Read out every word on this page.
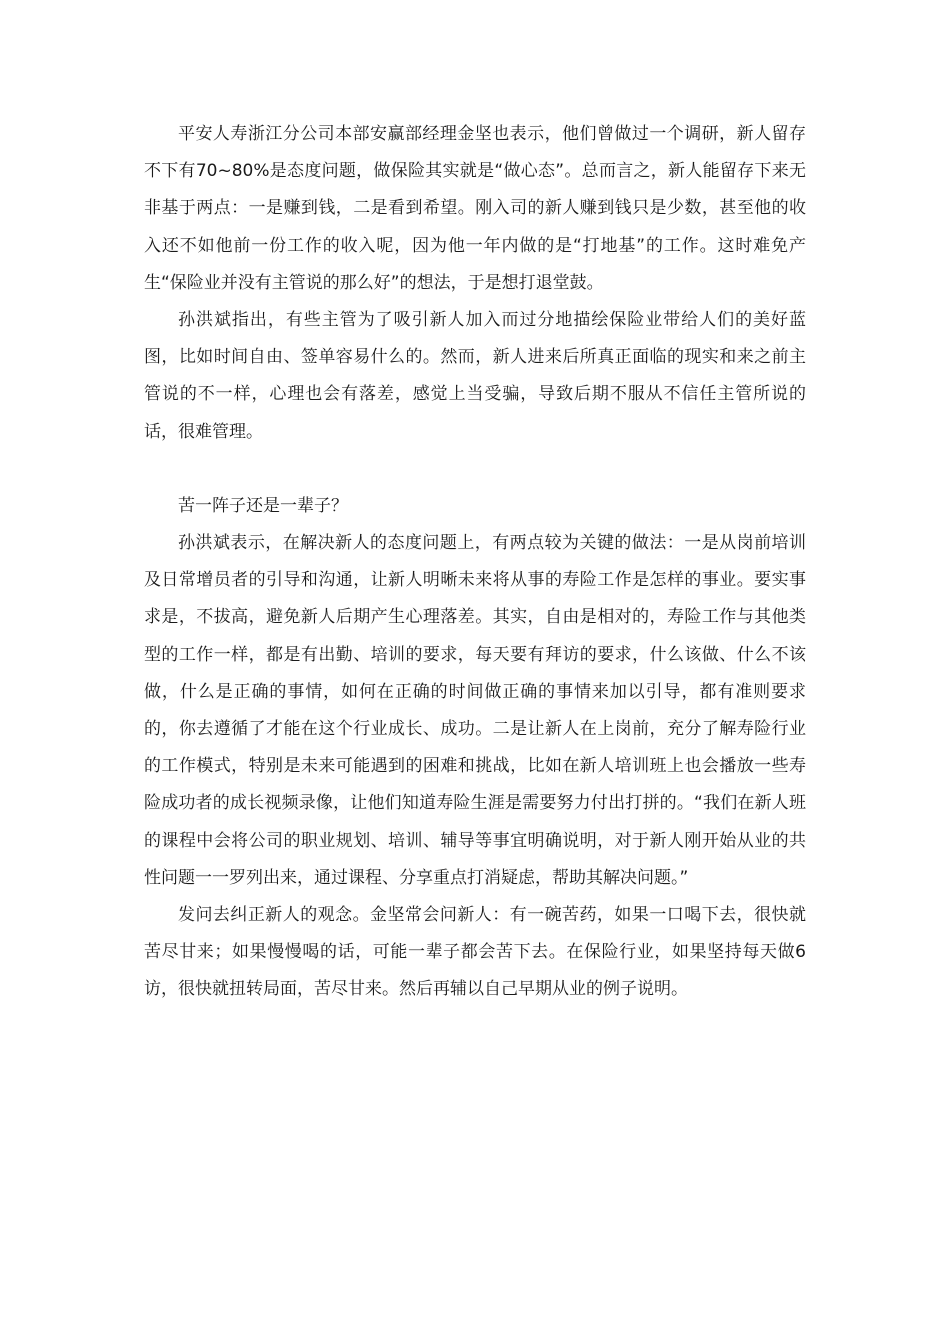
平安人寿浙江分公司本部安赢部经理金坚也表示，他们曾做过一个调研，新人留存不下有70~80%是态度问题，做保险其实就是“做心态”。总而言之，新人能留存下来无非基于两点：一是赚到钱，二是看到希望。刚入司的新人赚到钱只是少数，甚至他的收入还不如他前一份工作的收入呢，因为他一年内做的是“打地基”的工作。这时难免产生“保险业并没有主管说的那么好”的想法，于是想打退堂鼓。

孙洪斌指出，有些主管为了吸引新人加入而过分地描绘保险业带给人们的美好蓝图，比如时间自由、签单容易什么的。然而，新人进来后所真正面临的现实和来之前主管说的不一样，心理也会有落差，感觉上当受骗，导致后期不服从不信任主管所说的话，很难管理。

苦一阵子还是一辈子？

孙洪斌表示，在解决新人的态度问题上，有两点较为关键的做法：一是从岗前培训及日常增员者的引导和沟通，让新人明晰未来将从事的寿险工作是怎样的事业。要实事求是，不拔高，避免新人后期产生心理落差。其实，自由是相对的，寿险工作与其他类型的工作一样，都是有出勤、培训的要求，每天要有拜访的要求，什么该做、什么不该做，什么是正确的事情，如何在正确的时间做正确的事情来加以引导，都有准则要求的，你去遵循了才能在这个行业成长、成功。二是让新人在上岗前，充分了解寿险行业的工作模式，特别是未来可能遇到的困难和挑战，比如在新人培训班上也会播放一些寿险成功者的成长视频录像，让他们知道寿险生涯是需要努力付出打拼的。“我们在新人班的课程中会将公司的职业规划、培训、辅导等事宜明确说明，对于新人刚开始从业的共性问题一一罗列出来，通过课程、分享重点打消疑虑，帮助其解决问题。”

发问去纠正新人的观念。金坚常会问新人：有一碗苦药，如果一口喝下去，很快就苦尽甘来；如果慢慢喝的话，可能一辈子都会苦下去。在保险行业，如果坚持每天做6访，很快就扭转局面，苦尽甘来。然后再辅以自己早期从业的例子说明。
